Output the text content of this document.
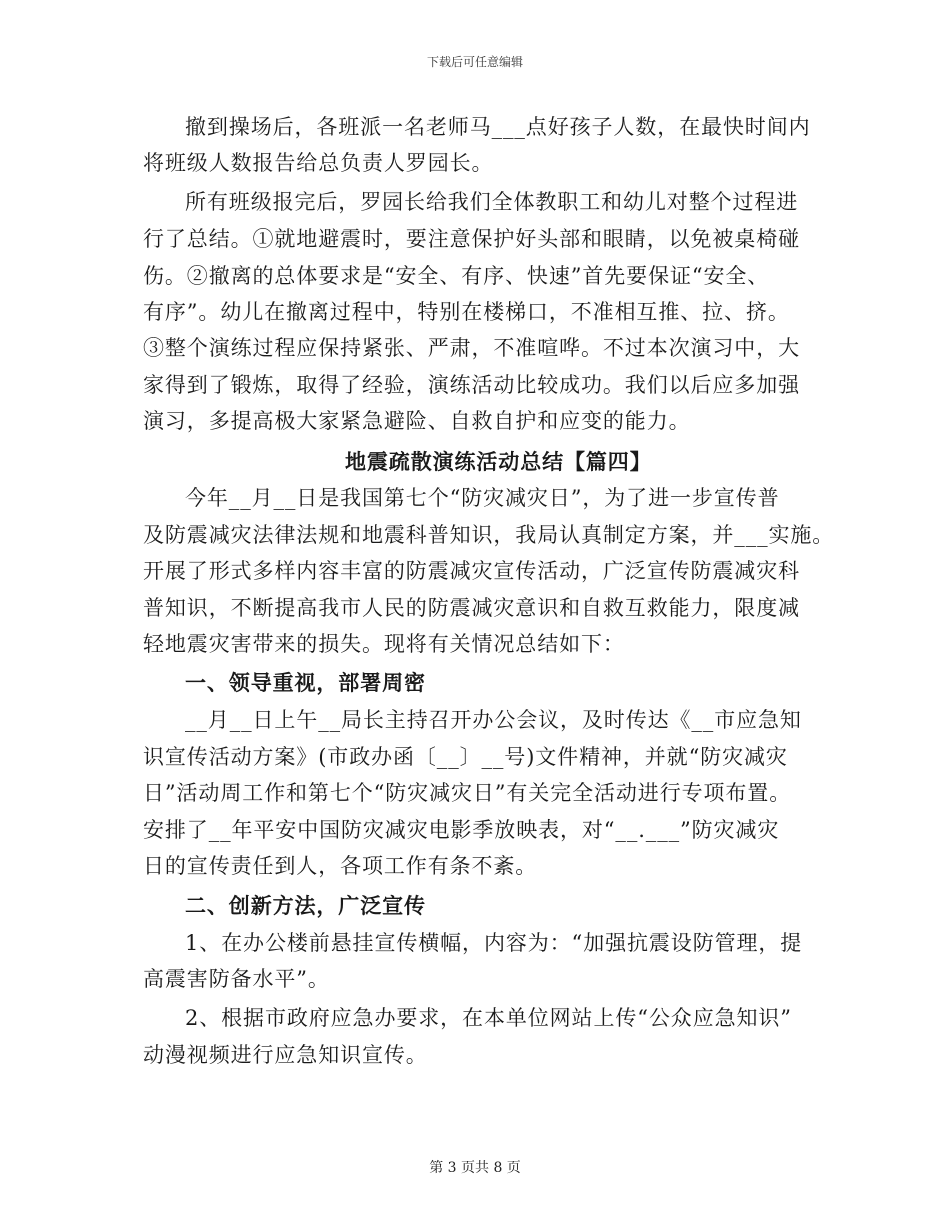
下载后可任意编辑
撤到操场后，各班派一名老师马___点好孩子人数，在最快时间内
将班级人数报告给总负责人罗园长。
所有班级报完后，罗园长给我们全体教职工和幼儿对整个过程进
行了总结。①就地避震时，要注意保护好头部和眼睛，以免被桌椅碰
伤。②撤离的总体要求是“安全、有序、快速”首先要保证“安全、
有序”。幼儿在撤离过程中，特别在楼梯口，不准相互推、拉、挤。
③整个演练过程应保持紧张、严肃，不准喧哗。不过本次演习中，大
家得到了锻炼，取得了经验，演练活动比较成功。我们以后应多加强
演习，多提高极大家紧急避险、自救自护和应变的能力。
地震疏散演练活动总结【篇四】
今年__月__日是我国第七个“防灾减灾日”，为了进一步宣传普
及防震减灾法律法规和地震科普知识，我局认真制定方案，并___实施。
开展了形式多样内容丰富的防震减灾宣传活动，广泛宣传防震减灾科
普知识，不断提高我市人民的防震减灾意识和自救互救能力，限度减
轻地震灾害带来的损失。现将有关情况总结如下：
一、领导重视，部署周密
__月__日上午__局长主持召开办公会议，及时传达《__市应急知
识宣传活动方案》(市政办函〔__〕__号)文件精神，并就“防灾减灾
日”活动周工作和第七个“防灾减灾日”有关完全活动进行专项布置。
安排了__年平安中国防灾减灾电影季放映表，对“__.___”防灾减灾
日的宣传责任到人，各项工作有条不紊。
二、创新方法，广泛宣传
1、在办公楼前悬挂宣传横幅，内容为：“加强抗震设防管理，提
高震害防备水平”。
2、根据市政府应急办要求，在本单位网站上传“公众应急知识”
动漫视频进行应急知识宣传。
第 3 页共 8 页
